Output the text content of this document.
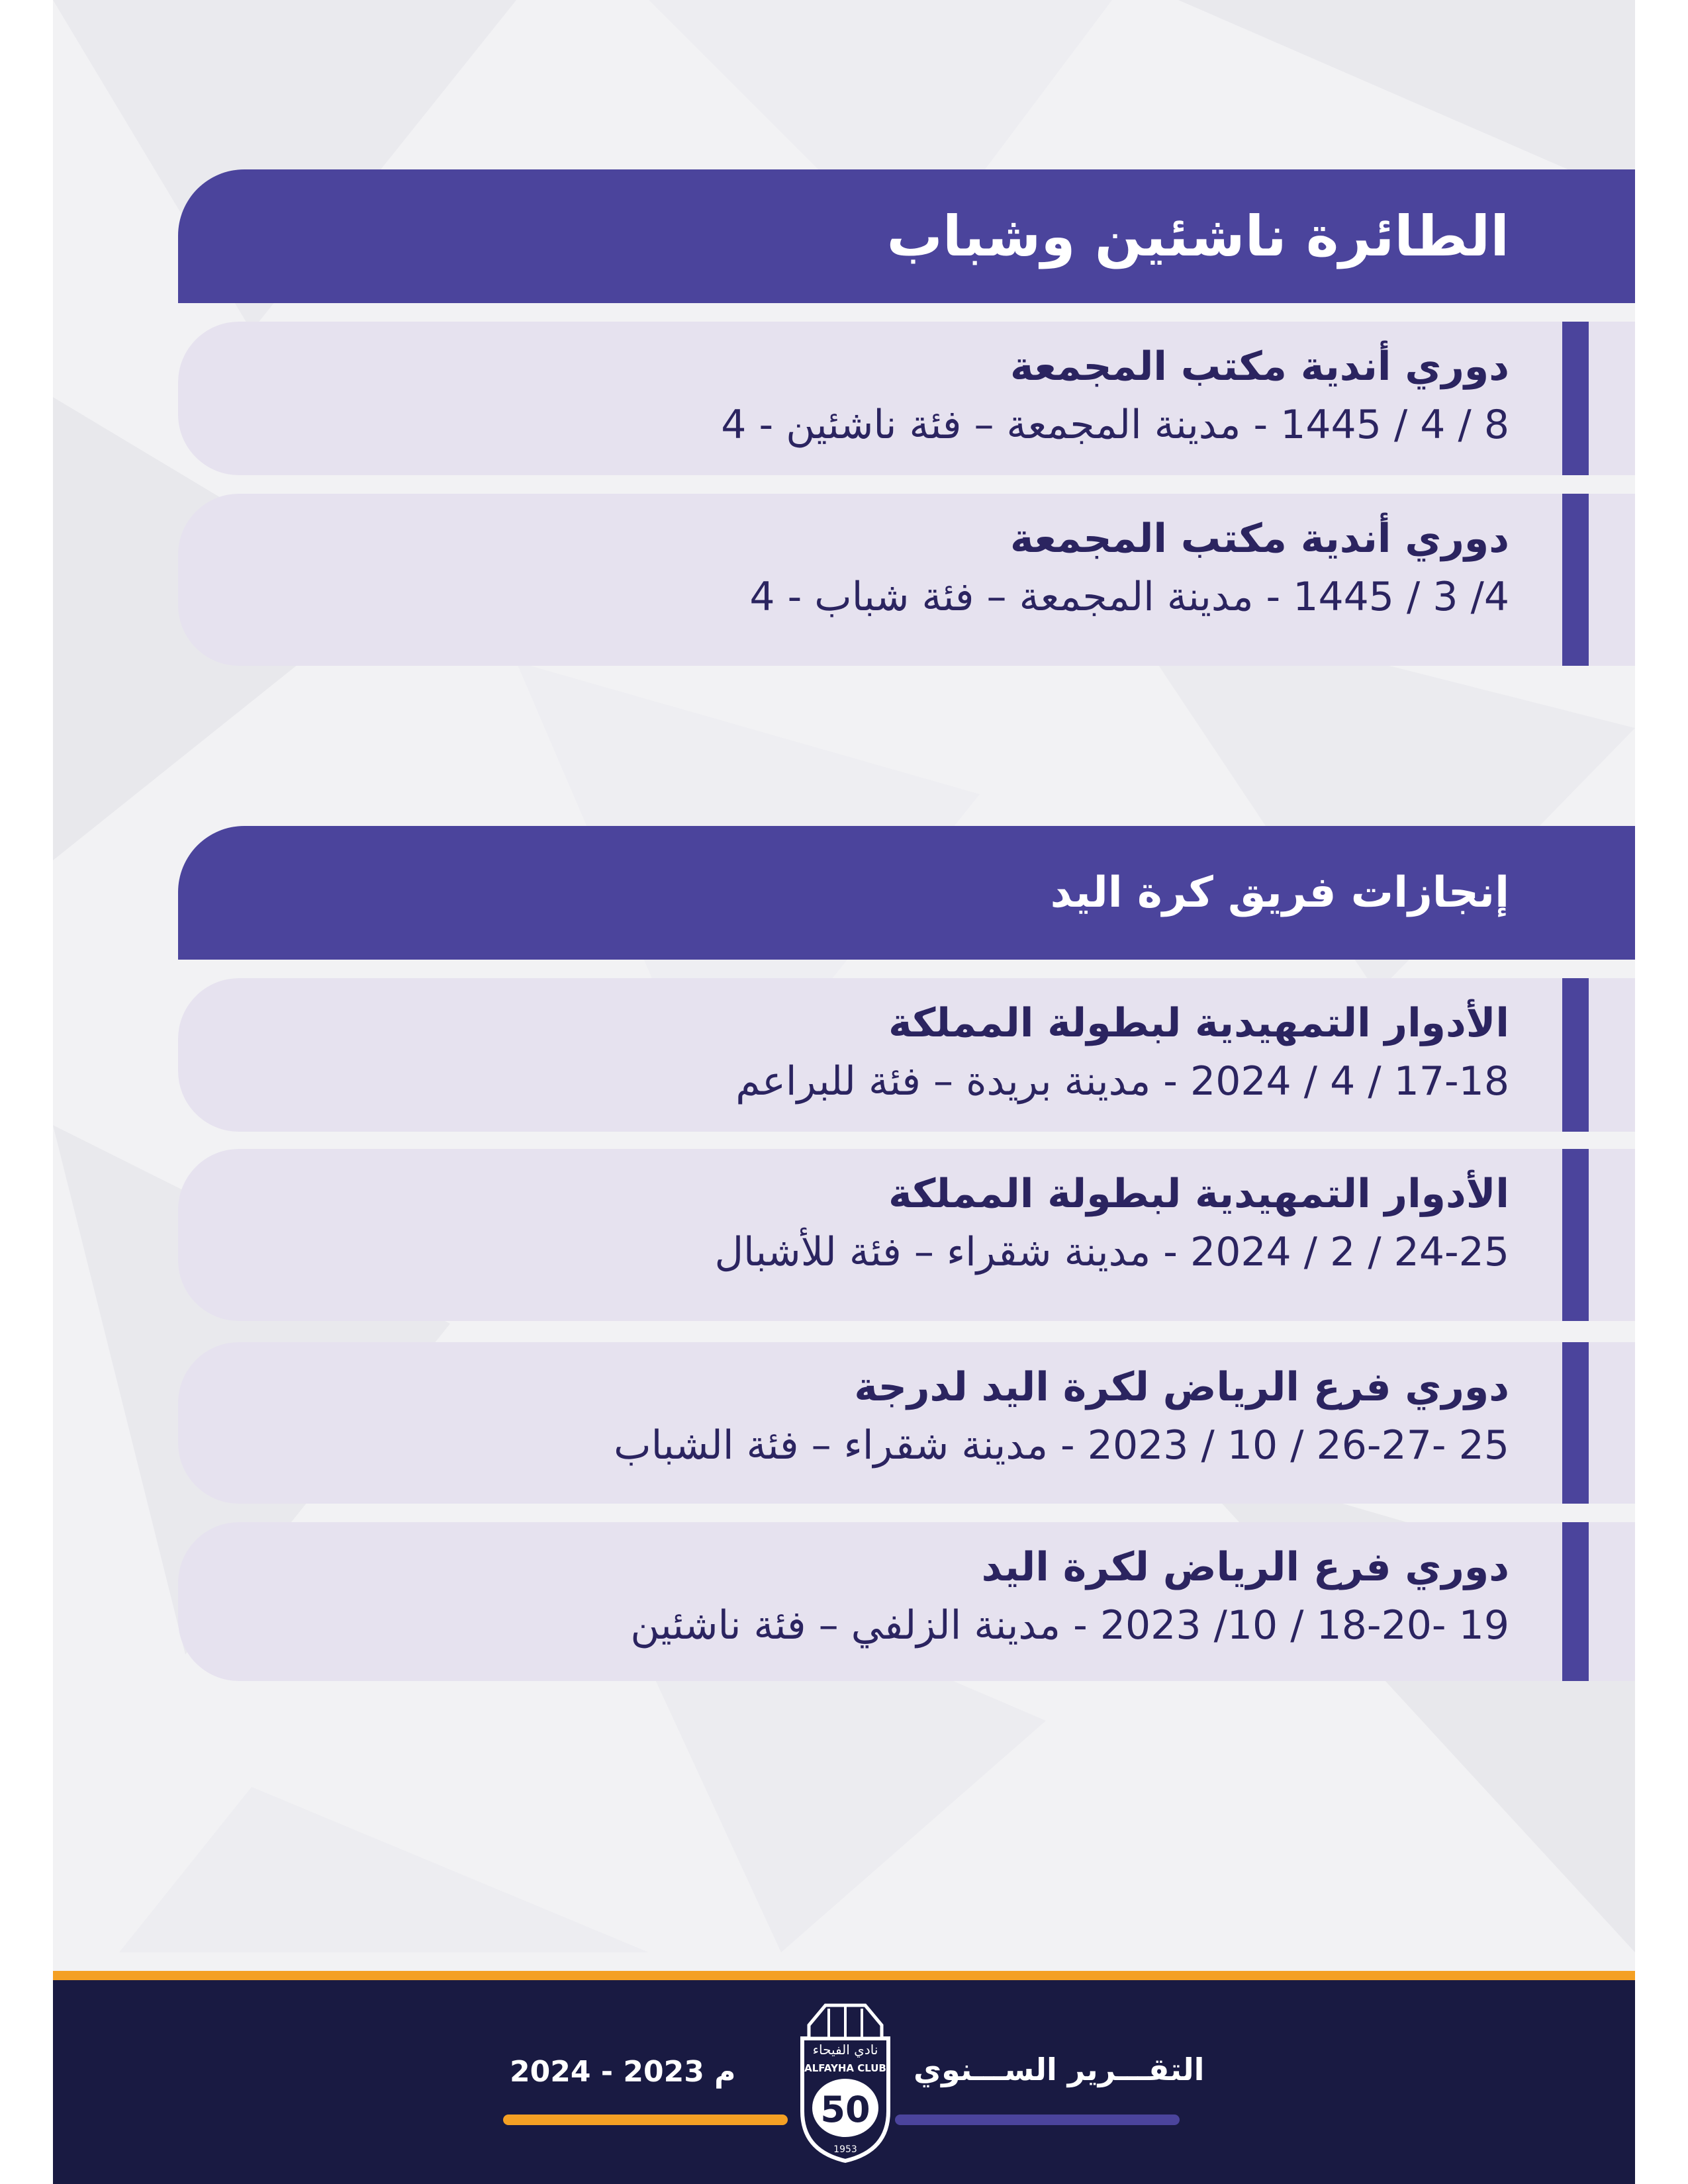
الطائرة ناشئين وشباب
دوري أندية مكتب المجمعة
8 / 4 / 1445 - مدينة المجمعة – فئة ناشئين - 4
دوري أندية مكتب المجمعة
4/ 3 / 1445 - مدينة المجمعة – فئة شباب - 4
إنجازات فريق كرة اليد
الأدوار التمهيدية لبطولة المملكة
17-18 / 4 / 2024 - مدينة بريدة – فئة للبراعم
الأدوار التمهيدية لبطولة المملكة
24-25 / 2 / 2024 - مدينة شقراء – فئة للأشبال
دوري فرع الرياض لكرة اليد لدرجة
25 -26-27 / 10 / 2023 - مدينة شقراء – فئة الشباب
دوري فرع الرياض لكرة اليد
19 -18-20 / 10/ 2023 - مدينة الزلفي – فئة ناشئين
التقـــرير الســـنوي
2024 - 2023 م
نادي الفيحاء
ALFAYHA CLUB
50
1953
